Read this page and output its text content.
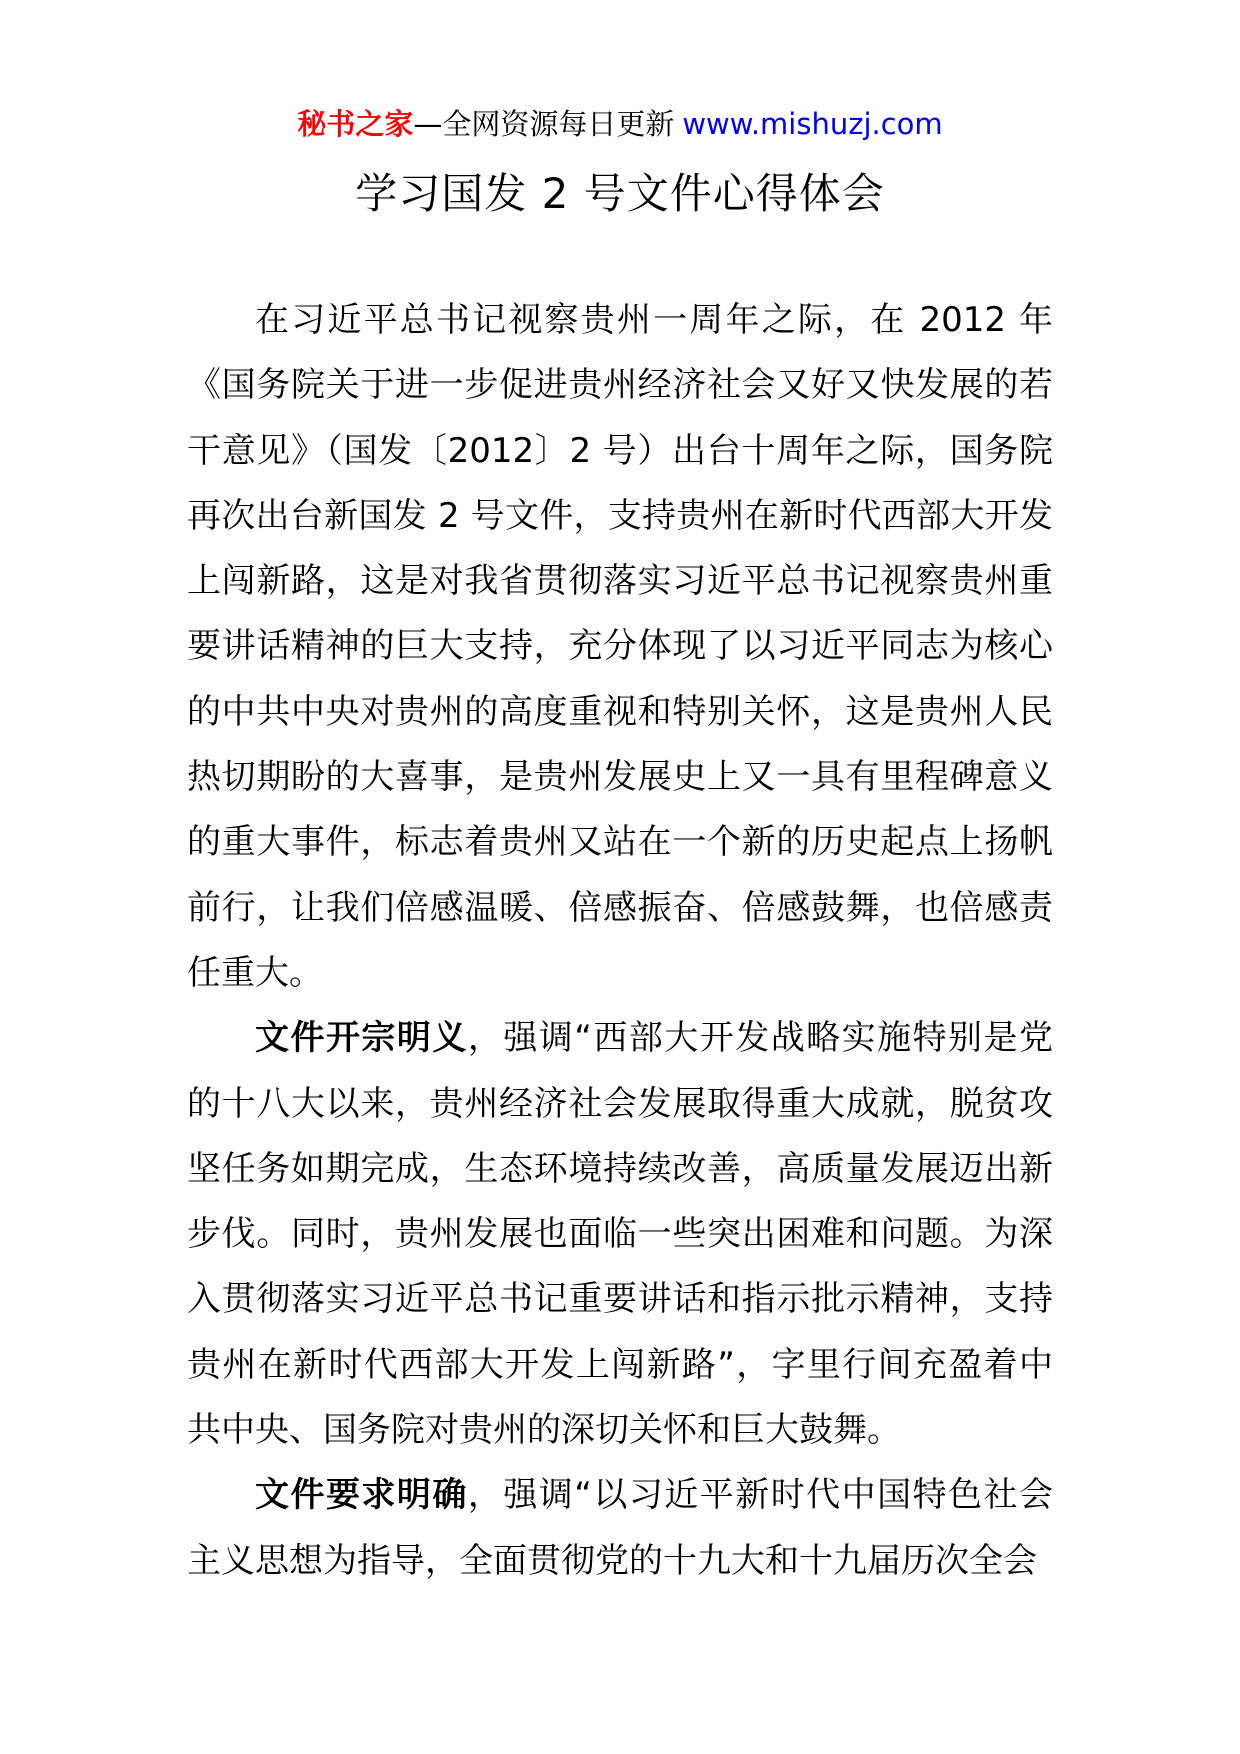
秘书之家—全网资源每日更新 www.mishuzj.com
学习国发 2 号文件心得体会

在习近平总书记视察贵州一周年之际，在 2012 年《国务院关于进一步促进贵州经济社会又好又快发展的若干意见》（国发〔2012〕2 号）出台十周年之际，国务院再次出台新国发 2 号文件，支持贵州在新时代西部大开发上闯新路，这是对我省贯彻落实习近平总书记视察贵州重要讲话精神的巨大支持，充分体现了以习近平同志为核心的中共中央对贵州的高度重视和特别关怀，这是贵州人民热切期盼的大喜事，是贵州发展史上又一具有里程碑意义的重大事件，标志着贵州又站在一个新的历史起点上扬帆前行，让我们倍感温暖、倍感振奋、倍感鼓舞，也倍感责任重大。

文件开宗明义，强调“西部大开发战略实施特别是党的十八大以来，贵州经济社会发展取得重大成就，脱贫攻坚任务如期完成，生态环境持续改善，高质量发展迈出新步伐。同时，贵州发展也面临一些突出困难和问题。为深入贯彻落实习近平总书记重要讲话和指示批示精神，支持贵州在新时代西部大开发上闯新路”，字里行间充盈着中共中央、国务院对贵州的深切关怀和巨大鼓舞。

文件要求明确，强调“以习近平新时代中国特色社会主义思想为指导，全面贯彻党的十九大和十九届历次全会
